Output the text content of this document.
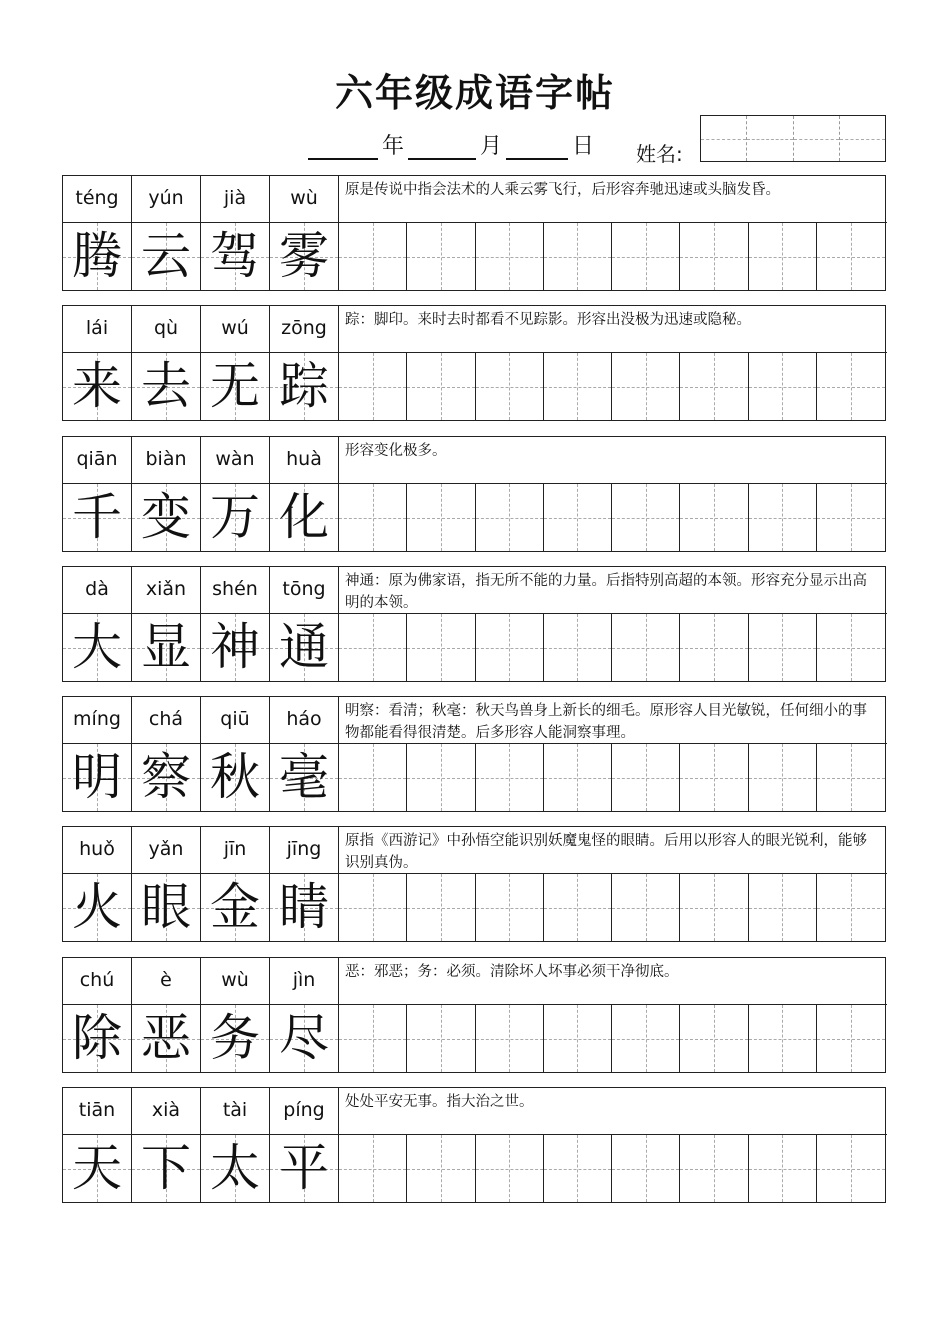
六年级成语字帖
年	月	日 姓名:
téng	yún	jià	wù	原是传说中指会法术的人乘云雾飞行，后形容奔驰迅速或头脑发昏。
腾 云 驾 雾
lái	qù	wú	zōng	踪：脚印。来时去时都看不见踪影。形容出没极为迅速或隐秘。
来 去 无 踪
qiān	biàn	wàn	huà	形容变化极多。
千 变 万 化
dà	xiǎn	shén	tōng	神通：原为佛家语，指无所不能的力量。后指特别高超的本领。形容充分显示出高明的本领。
大 显 神 通
míng	chá	qiū	háo	明察：看清；秋毫：秋天鸟兽身上新长的细毛。原形容人目光敏锐，任何细小的事物都能看得很清楚。后多形容人能洞察事理。
明 察 秋 毫
huǒ	yǎn	jīn	jīng	原指《西游记》中孙悟空能识别妖魔鬼怪的眼睛。后用以形容人的眼光锐利，能够识别真伪。
火 眼 金 睛
chú	è	wù	jìn	恶：邪恶；务：必须。清除坏人坏事必须干净彻底。
除 恶 务 尽
tiān	xià	tài	píng	处处平安无事。指大治之世。
天 下 太 平
